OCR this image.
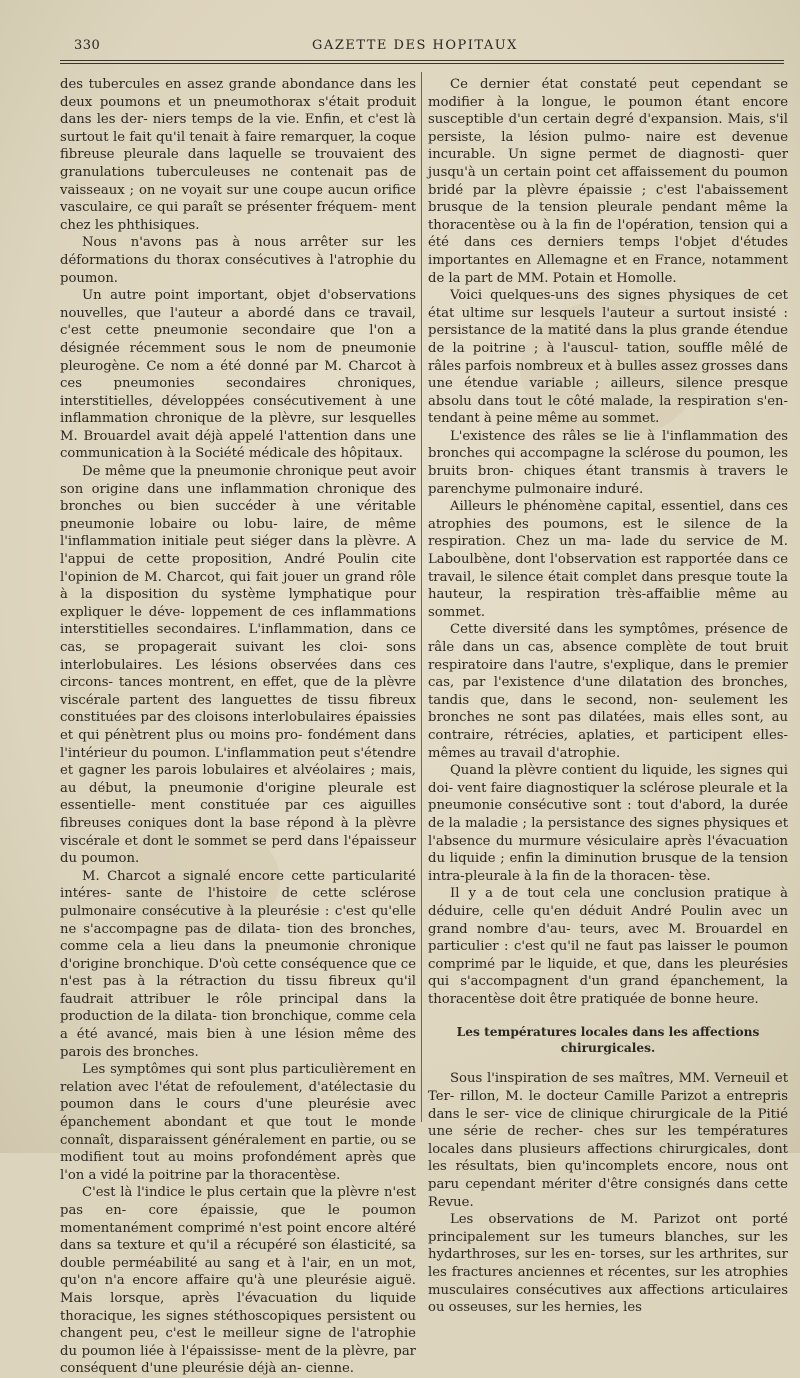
330	GAZETTE DES HOPITAUX

des tubercules en assez grande abondance dans les deux poumons et un pneumothorax s'était produit dans les der- niers temps de la vie. Enfin, et c'est là surtout le fait qu'il tenait à faire remarquer, la coque fibreuse pleurale dans laquelle se trouvaient des granulations tuberculeuses ne contenait pas de vaisseaux ; on ne voyait sur une coupe aucun orifice vasculaire, ce qui paraît se présenter fréquem- ment chez les phthisiques.

Nous n'avons pas à nous arrêter sur les déformations du thorax consécutives à l'atrophie du poumon.

Un autre point important, objet d'observations nouvelles, que l'auteur a abordé dans ce travail, c'est cette pneumonie secondaire que l'on a désignée récemment sous le nom de pneumonie pleurogène. Ce nom a été donné par M. Charcot à ces pneumonies secondaires chroniques, interstitielles, développées consécutivement à une inflammation chronique de la plèvre, sur lesquelles M. Brouardel avait déjà appelé l'attention dans une communication à la Société médicale des hôpitaux.

De même que la pneumonie chronique peut avoir son origine dans une inflammation chronique des bronches ou bien succéder à une véritable pneumonie lobaire ou lobu- laire, de même l'inflammation initiale peut siéger dans la plèvre. A l'appui de cette proposition, André Poulin cite l'opinion de M. Charcot, qui fait jouer un grand rôle à la disposition du système lymphatique pour expliquer le déve- loppement de ces inflammations interstitielles secondaires. L'inflammation, dans ce cas, se propagerait suivant les cloi- sons interlobulaires. Les lésions observées dans ces circons- tances montrent, en effet, que de la plèvre viscérale partent des languettes de tissu fibreux constituées par des cloisons interlobulaires épaissies et qui pénètrent plus ou moins pro- fondément dans l'intérieur du poumon. L'inflammation peut s'étendre et gagner les parois lobulaires et alvéolaires ; mais, au début, la pneumonie d'origine pleurale est essentielle- ment constituée par ces aiguilles fibreuses coniques dont la base répond à la plèvre viscérale et dont le sommet se perd dans l'épaisseur du poumon.

M. Charcot a signalé encore cette particularité intéres- sante de l'histoire de cette sclérose pulmonaire consécutive à la pleurésie : c'est qu'elle ne s'accompagne pas de dilata- tion des bronches, comme cela a lieu dans la pneumonie chronique d'origine bronchique. D'où cette conséquence que ce n'est pas à la rétraction du tissu fibreux qu'il faudrait attribuer le rôle principal dans la production de la dilata- tion bronchique, comme cela a été avancé, mais bien à une lésion même des parois des bronches.

Les symptômes qui sont plus particulièrement en relation avec l'état de refoulement, d'atélectasie du poumon dans le cours d'une pleurésie avec épanchement abondant et que tout le monde connaît, disparaissent généralement en partie, ou se modifient tout au moins profondément après que l'on a vidé la poitrine par la thoracentèse.

C'est là l'indice le plus certain que la plèvre n'est pas en- core épaissie, que le poumon momentanément comprimé n'est point encore altéré dans sa texture et qu'il a récupéré son élasticité, sa double perméabilité au sang et à l'air, en un mot, qu'on n'a encore affaire qu'à une pleurésie aiguë. Mais lorsque, après l'évacuation du liquide thoracique, les signes stéthoscopiques persistent ou changent peu, c'est le meilleur signe de l'atrophie du poumon liée à l'épaississe- ment de la plèvre, par conséquent d'une pleurésie déjà an- cienne.

Ce dernier état constaté peut cependant se modifier à la longue, le poumon étant encore susceptible d'un certain degré d'expansion. Mais, s'il persiste, la lésion pulmo- naire est devenue incurable. Un signe permet de diagnosti- quer jusqu'à un certain point cet affaissement du poumon bridé par la plèvre épaissie ; c'est l'abaissement brusque de la tension pleurale pendant même la thoracentèse ou à la fin de l'opération, tension qui a été dans ces derniers temps l'objet d'études importantes en Allemagne et en France, notamment de la part de MM. Potain et Homolle.

Voici quelques-uns des signes physiques de cet état ultime sur lesquels l'auteur a surtout insisté : persistance de la matité dans la plus grande étendue de la poitrine ; à l'auscul- tation, souffle mêlé de râles parfois nombreux et à bulles assez grosses dans une étendue variable ; ailleurs, silence presque absolu dans tout le côté malade, la respiration s'en- tendant à peine même au sommet.

L'existence des râles se lie à l'inflammation des bronches qui accompagne la sclérose du poumon, les bruits bron- chiques étant transmis à travers le parenchyme pulmonaire induré.

Ailleurs le phénomène capital, essentiel, dans ces atrophies des poumons, est le silence de la respiration. Chez un ma- lade du service de M. Laboulbène, dont l'observation est rapportée dans ce travail, le silence était complet dans presque toute la hauteur, la respiration très-affaiblie même au sommet.

Cette diversité dans les symptômes, présence de râle dans un cas, absence complète de tout bruit respiratoire dans l'autre, s'explique, dans le premier cas, par l'existence d'une dilatation des bronches, tandis que, dans le second, non- seulement les bronches ne sont pas dilatées, mais elles sont, au contraire, rétrécies, aplaties, et participent elles-mêmes au travail d'atrophie.

Quand la plèvre contient du liquide, les signes qui doi- vent faire diagnostiquer la sclérose pleurale et la pneumonie consécutive sont : tout d'abord, la durée de la maladie ; la persistance des signes physiques et l'absence du murmure vésiculaire après l'évacuation du liquide ; enfin la diminution brusque de la tension intra-pleurale à la fin de la thoracen- tèse.

Il y a de tout cela une conclusion pratique à déduire, celle qu'en déduit André Poulin avec un grand nombre d'au- teurs, avec M. Brouardel en particulier : c'est qu'il ne faut pas laisser le poumon comprimé par le liquide, et que, dans les pleurésies qui s'accompagnent d'un grand épanchement, la thoracentèse doit être pratiquée de bonne heure.

Les températures locales dans les affections chirurgicales.

Sous l'inspiration de ses maîtres, MM. Verneuil et Ter- rillon, M. le docteur Camille Parizot a entrepris dans le ser- vice de clinique chirurgicale de la Pitié une série de recher- ches sur les températures locales dans plusieurs affections chirurgicales, dont les résultats, bien qu'incomplets encore, nous ont paru cependant mériter d'être consignés dans cette Revue.

Les observations de M. Parizot ont porté principalement sur les tumeurs blanches, sur les hydarthroses, sur les en- torses, sur les arthrites, sur les fractures anciennes et récentes, sur les atrophies musculaires consécutives aux affections articulaires ou osseuses, sur les hernies, les
